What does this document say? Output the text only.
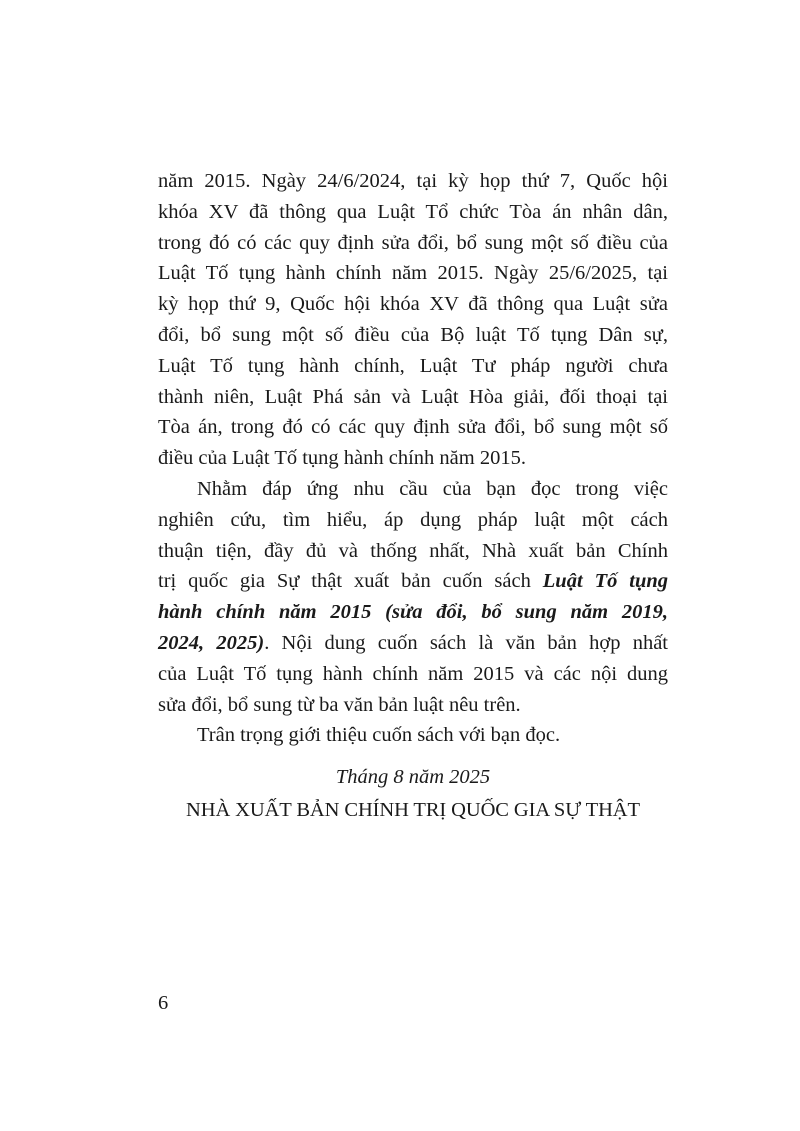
năm 2015. Ngày 24/6/2024, tại kỳ họp thứ 7, Quốc hội
khóa XV đã thông qua Luật Tổ chức Tòa án nhân dân,
trong đó có các quy định sửa đổi, bổ sung một số điều của
Luật Tố tụng hành chính năm 2015. Ngày 25/6/2025, tại
kỳ họp thứ 9, Quốc hội khóa XV đã thông qua Luật sửa
đổi, bổ sung một số điều của Bộ luật Tố tụng Dân sự,
Luật Tố tụng hành chính, Luật Tư pháp người chưa
thành niên, Luật Phá sản và Luật Hòa giải, đối thoại tại
Tòa án, trong đó có các quy định sửa đổi, bổ sung một số
điều của Luật Tố tụng hành chính năm 2015.
Nhằm đáp ứng nhu cầu của bạn đọc trong việc
nghiên cứu, tìm hiểu, áp dụng pháp luật một cách
thuận tiện, đầy đủ và thống nhất, Nhà xuất bản Chính
trị quốc gia Sự thật xuất bản cuốn sách Luật Tố tụng
hành chính năm 2015 (sửa đổi, bổ sung năm 2019,
2024, 2025). Nội dung cuốn sách là văn bản hợp nhất
của Luật Tố tụng hành chính năm 2015 và các nội dung
sửa đổi, bổ sung từ ba văn bản luật nêu trên.
Trân trọng giới thiệu cuốn sách với bạn đọc.
Tháng 8 năm 2025
NHÀ XUẤT BẢN CHÍNH TRỊ QUỐC GIA SỰ THẬT
6
